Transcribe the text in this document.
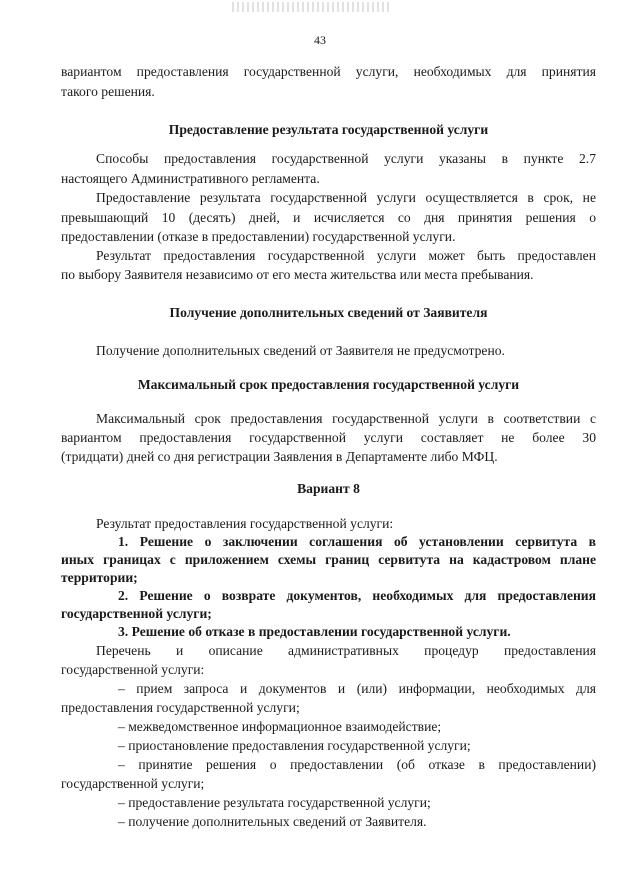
43
вариантом предоставления государственной услуги, необходимых для принятия
такого решения.
Предоставление результата государственной услуги
Способы предоставления государственной услуги указаны в пункте 2.7
настоящего Административного регламента.
Предоставление результата государственной услуги осуществляется в срок, не
превышающий 10 (десять) дней, и исчисляется со дня принятия решения о
предоставлении (отказе в предоставлении) государственной услуги.
Результат предоставления государственной услуги может быть предоставлен
по выбору Заявителя независимо от его места жительства или места пребывания.
Получение дополнительных сведений от Заявителя
Получение дополнительных сведений от Заявителя не предусмотрено.
Максимальный срок предоставления государственной услуги
Максимальный срок предоставления государственной услуги в соответствии с
вариантом предоставления государственной услуги составляет не более 30
(тридцати) дней со дня регистрации Заявления в Департаменте либо МФЦ.
Вариант 8
Результат предоставления государственной услуги:
1. Решение о заключении соглашения об установлении сервитута в
иных границах с приложением схемы границ сервитута на кадастровом плане
территории;
2. Решение о возврате документов, необходимых для предоставления
государственной услуги;
3. Решение об отказе в предоставлении государственной услуги.
Перечень и описание административных процедур предоставления
государственной услуги:
– прием запроса и документов и (или) информации, необходимых для
предоставления государственной услуги;
– межведомственное информационное взаимодействие;
– приостановление предоставления государственной услуги;
– принятие решения о предоставлении (об отказе в предоставлении)
государственной услуги;
– предоставление результата государственной услуги;
– получение дополнительных сведений от Заявителя.
